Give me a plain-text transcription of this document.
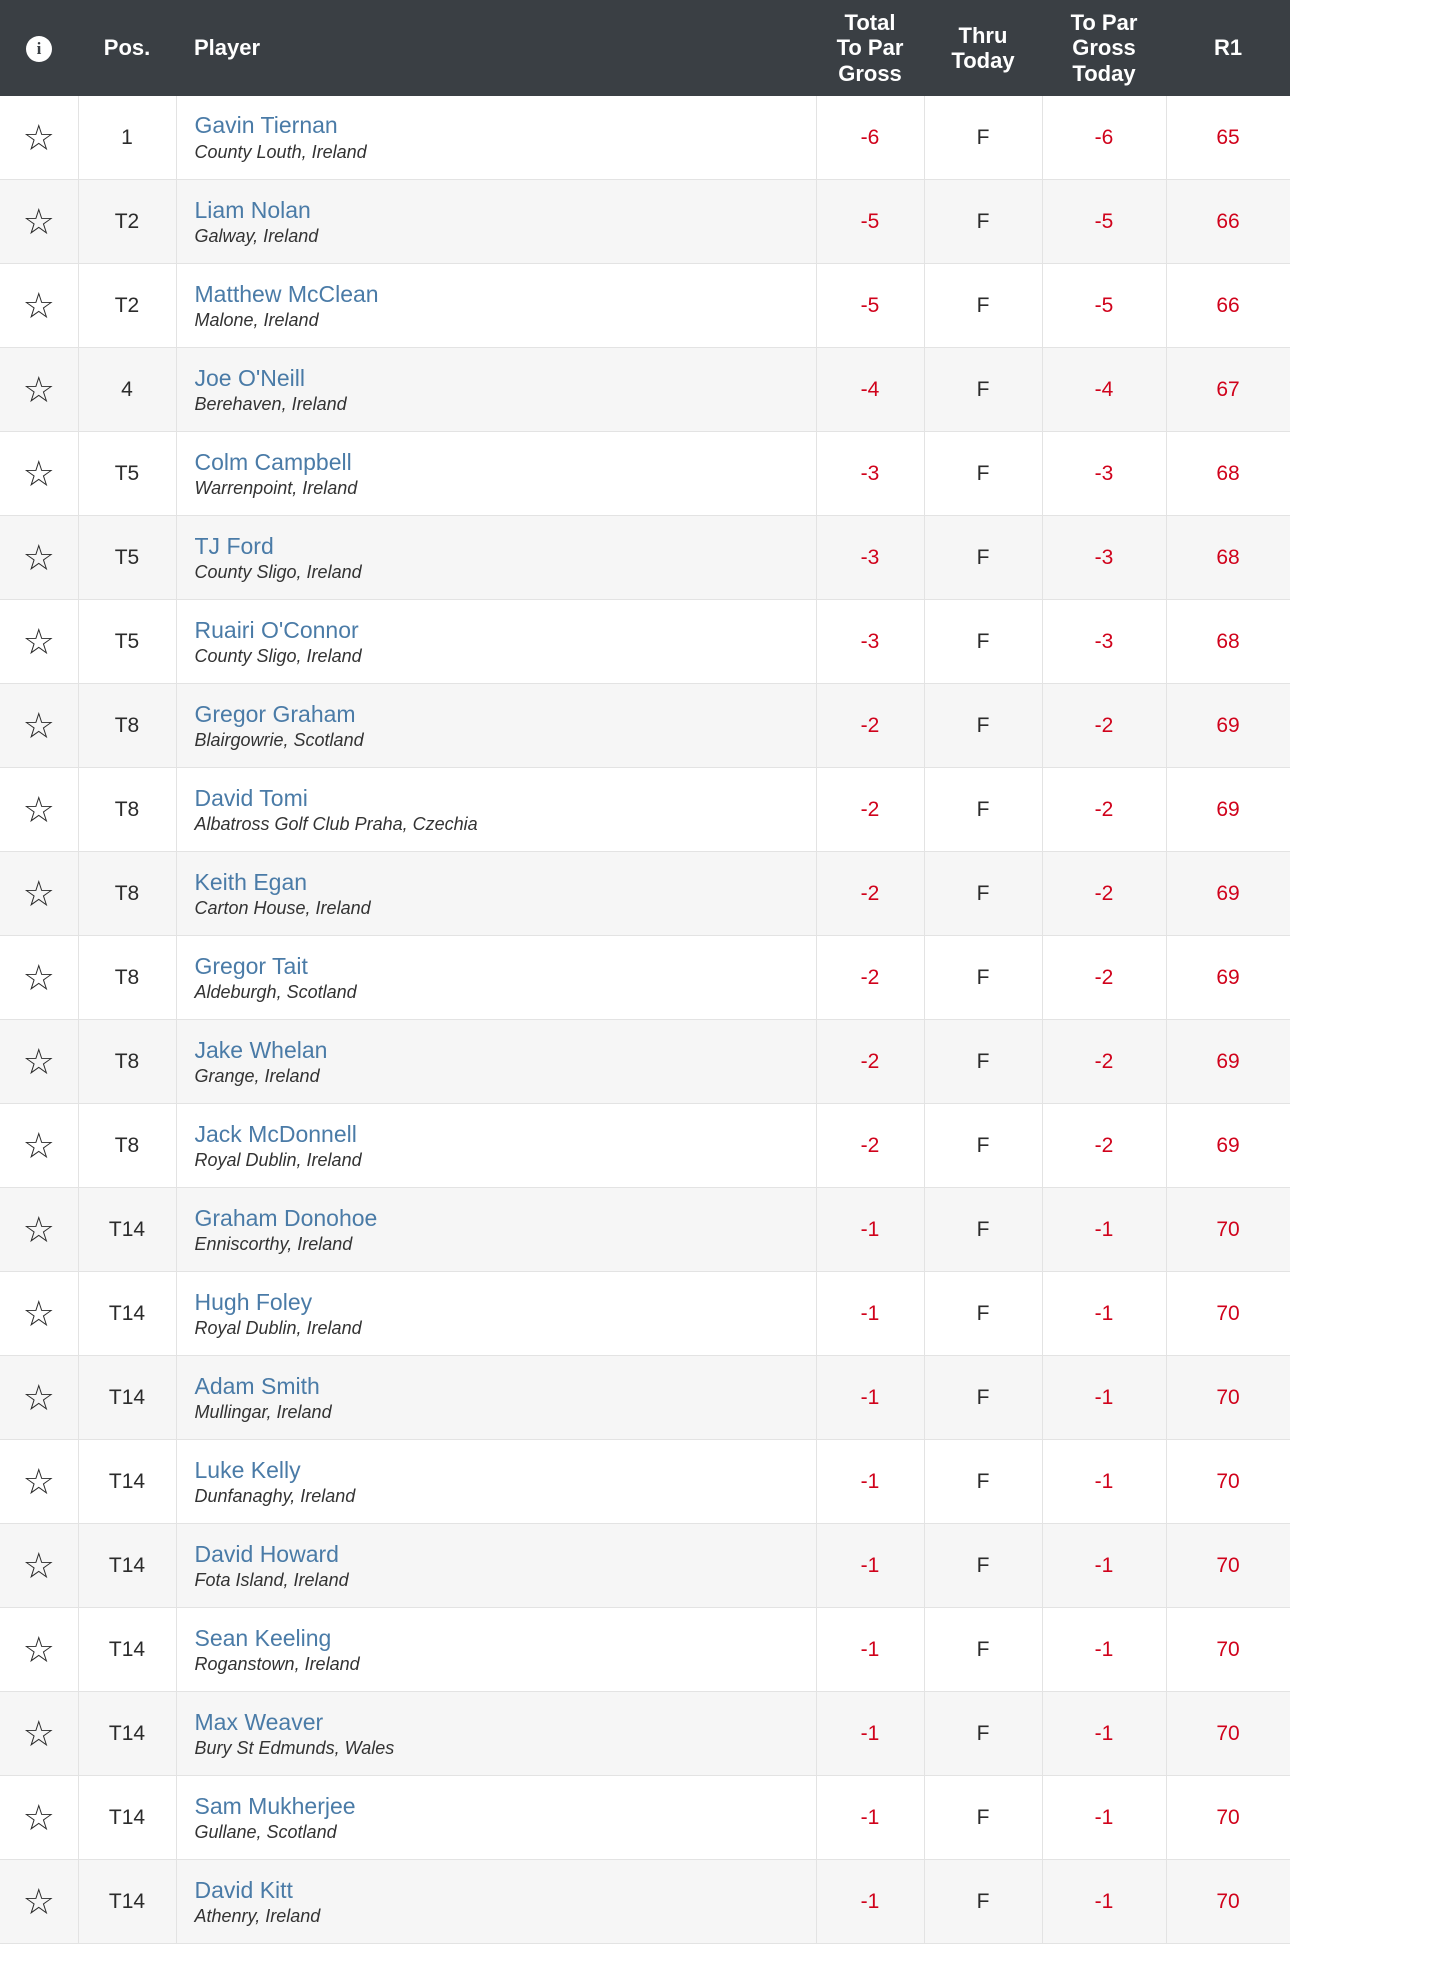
i	Pos.	Player	Total
To Par
Gross	Thru
Today	To Par
Gross
Today	R1
☆	1	Gavin Tiernan
County Louth, Ireland	-6	F	-6	65
☆	T2	Liam Nolan
Galway, Ireland	-5	F	-5	66
☆	T2	Matthew McClean
Malone, Ireland	-5	F	-5	66
☆	4	Joe O'Neill
Berehaven, Ireland	-4	F	-4	67
☆	T5	Colm Campbell
Warrenpoint, Ireland	-3	F	-3	68
☆	T5	TJ Ford
County Sligo, Ireland	-3	F	-3	68
☆	T5	Ruairi O'Connor
County Sligo, Ireland	-3	F	-3	68
☆	T8	Gregor Graham
Blairgowrie, Scotland	-2	F	-2	69
☆	T8	David Tomi
Albatross Golf Club Praha, Czechia	-2	F	-2	69
☆	T8	Keith Egan
Carton House, Ireland	-2	F	-2	69
☆	T8	Gregor Tait
Aldeburgh, Scotland	-2	F	-2	69
☆	T8	Jake Whelan
Grange, Ireland	-2	F	-2	69
☆	T8	Jack McDonnell
Royal Dublin, Ireland	-2	F	-2	69
☆	T14	Graham Donohoe
Enniscorthy, Ireland	-1	F	-1	70
☆	T14	Hugh Foley
Royal Dublin, Ireland	-1	F	-1	70
☆	T14	Adam Smith
Mullingar, Ireland	-1	F	-1	70
☆	T14	Luke Kelly
Dunfanaghy, Ireland	-1	F	-1	70
☆	T14	David Howard
Fota Island, Ireland	-1	F	-1	70
☆	T14	Sean Keeling
Roganstown, Ireland	-1	F	-1	70
☆	T14	Max Weaver
Bury St Edmunds, Wales	-1	F	-1	70
☆	T14	Sam Mukherjee
Gullane, Scotland	-1	F	-1	70
☆	T14	David Kitt
Athenry, Ireland	-1	F	-1	70
